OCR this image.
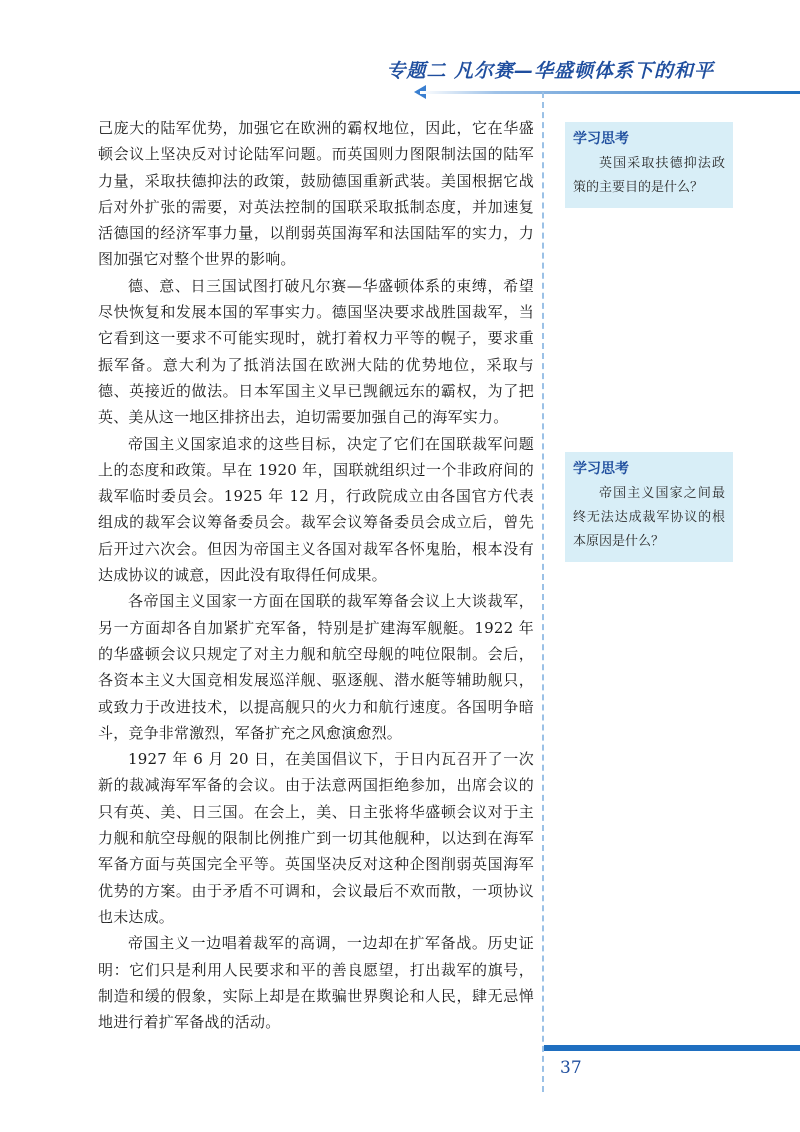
专题二 凡尔赛—华盛顿体系下的和平

己庞大的陆军优势，加强它在欧洲的霸权地位，因此，它在华盛顿会议上坚决反对讨论陆军问题。而英国则力图限制法国的陆军力量，采取扶德抑法的政策，鼓励德国重新武装。美国根据它战后对外扩张的需要，对英法控制的国联采取抵制态度，并加速复活德国的经济军事力量，以削弱英国海军和法国陆军的实力，力图加强它对整个世界的影响。

德、意、日三国试图打破凡尔赛—华盛顿体系的束缚，希望尽快恢复和发展本国的军事实力。德国坚决要求战胜国裁军，当它看到这一要求不可能实现时，就打着权力平等的幌子，要求重振军备。意大利为了抵消法国在欧洲大陆的优势地位，采取与德、英接近的做法。日本军国主义早已觊觎远东的霸权，为了把英、美从这一地区排挤出去，迫切需要加强自己的海军实力。

帝国主义国家追求的这些目标，决定了它们在国联裁军问题上的态度和政策。早在 1920 年，国联就组织过一个非政府间的裁军临时委员会。1925 年 12 月，行政院成立由各国官方代表组成的裁军会议筹备委员会。裁军会议筹备委员会成立后，曾先后开过六次会。但因为帝国主义各国对裁军各怀鬼胎，根本没有达成协议的诚意，因此没有取得任何成果。

各帝国主义国家一方面在国联的裁军筹备会议上大谈裁军，另一方面却各自加紧扩充军备，特别是扩建海军舰艇。1922 年的华盛顿会议只规定了对主力舰和航空母舰的吨位限制。会后，各资本主义大国竞相发展巡洋舰、驱逐舰、潜水艇等辅助舰只，或致力于改进技术，以提高舰只的火力和航行速度。各国明争暗斗，竞争非常激烈，军备扩充之风愈演愈烈。

1927 年 6 月 20 日，在美国倡议下，于日内瓦召开了一次新的裁减海军军备的会议。由于法意两国拒绝参加，出席会议的只有英、美、日三国。在会上，美、日主张将华盛顿会议对于主力舰和航空母舰的限制比例推广到一切其他舰种，以达到在海军军备方面与英国完全平等。英国坚决反对这种企图削弱英国海军优势的方案。由于矛盾不可调和，会议最后不欢而散，一项协议也未达成。

帝国主义一边唱着裁军的高调，一边却在扩军备战。历史证明：它们只是利用人民要求和平的善良愿望，打出裁军的旗号，制造和缓的假象，实际上却是在欺骗世界舆论和人民，肆无忌惮地进行着扩军备战的活动。

学习思考

英国采取扶德抑法政策的主要目的是什么？

学习思考

帝国主义国家之间最终无法达成裁军协议的根本原因是什么？

37
